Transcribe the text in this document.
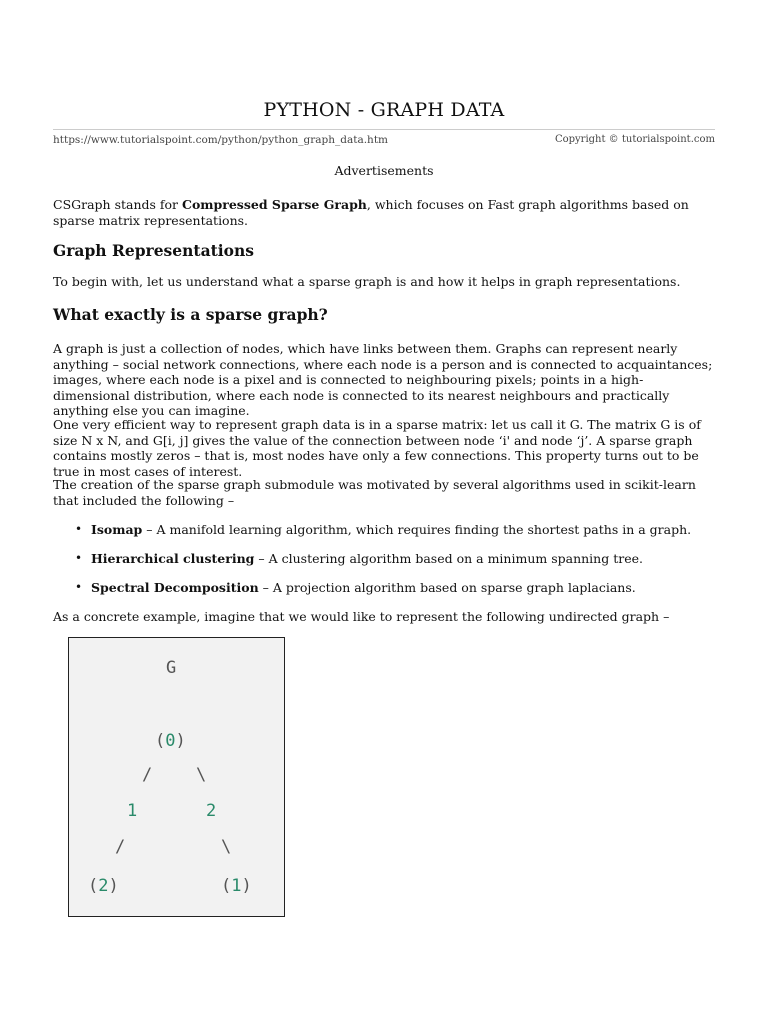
PYTHON - GRAPH DATA
https://www.tutorialspoint.com/python/python_graph_data.htm	Copyright © tutorialspoint.com
Advertisements

CSGraph stands for Compressed Sparse Graph, which focuses on Fast graph algorithms based on sparse matrix representations.

Graph Representations

To begin with, let us understand what a sparse graph is and how it helps in graph representations.

What exactly is a sparse graph?

A graph is just a collection of nodes, which have links between them. Graphs can represent nearly anything – social network connections, where each node is a person and is connected to acquaintances; images, where each node is a pixel and is connected to neighbouring pixels; points in a high-dimensional distribution, where each node is connected to its nearest neighbours and practically anything else you can imagine.

One very efficient way to represent graph data is in a sparse matrix: let us call it G. The matrix G is of size N x N, and G[i, j] gives the value of the connection between node ‘i' and node ‘j’. A sparse graph contains mostly zeros – that is, most nodes have only a few connections. This property turns out to be true in most cases of interest.

The creation of the sparse graph submodule was motivated by several algorithms used in scikit-learn that included the following –

• Isomap – A manifold learning algorithm, which requires finding the shortest paths in a graph.
• Hierarchical clustering – A clustering algorithm based on a minimum spanning tree.
• Spectral Decomposition – A projection algorithm based on sparse graph laplacians.

As a concrete example, imagine that we would like to represent the following undirected graph –

G
(0)
/	\
1	2
/	\
(2)	(1)
